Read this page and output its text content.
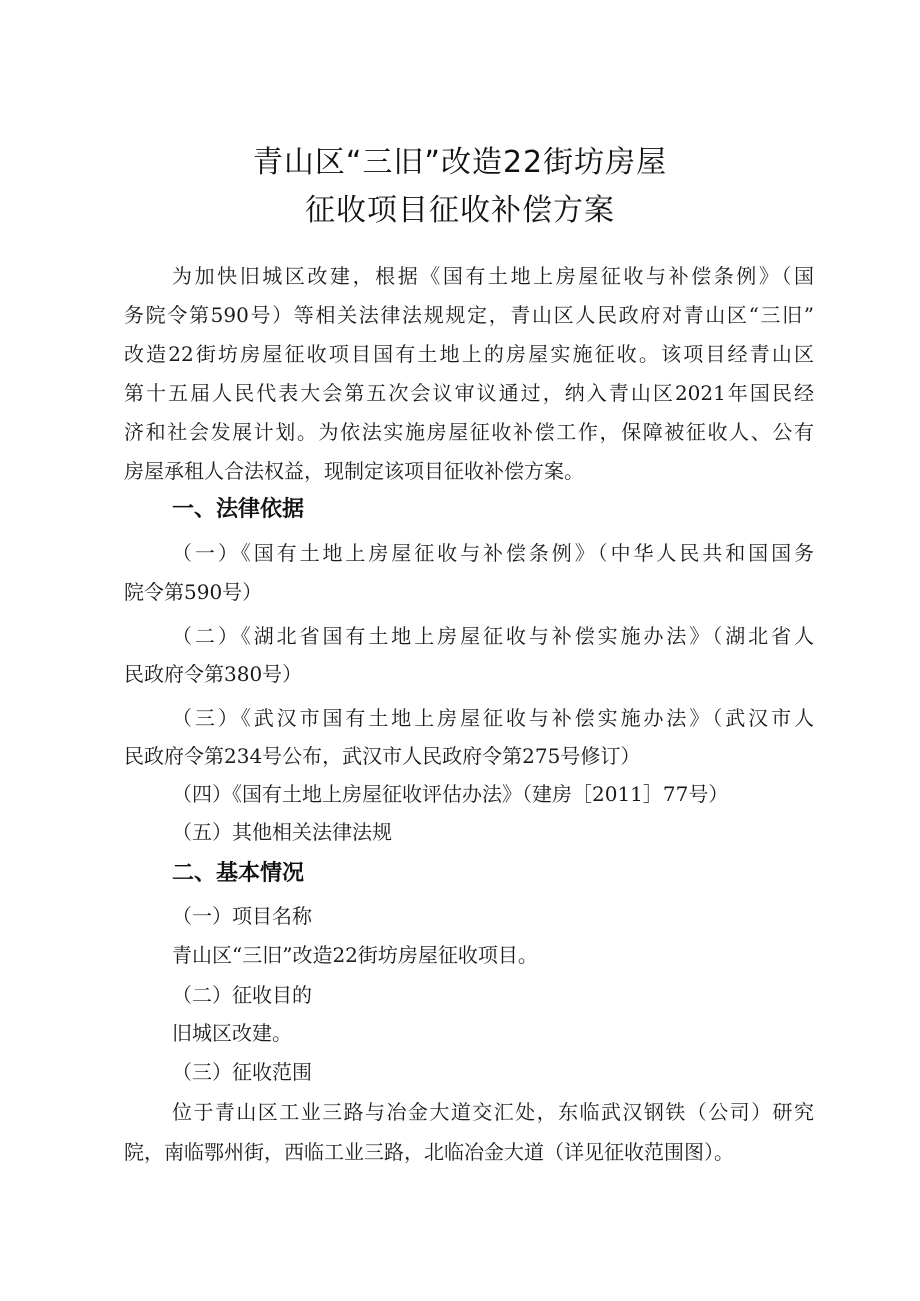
青山区“三旧”改造22街坊房屋
征收项目征收补偿方案
为加快旧城区改建，根据《国有土地上房屋征收与补偿条例》（国
务院令第590号）等相关法律法规规定，青山区人民政府对青山区“三旧”
改造22街坊房屋征收项目国有土地上的房屋实施征收。该项目经青山区
第十五届人民代表大会第五次会议审议通过，纳入青山区2021年国民经
济和社会发展计划。为依法实施房屋征收补偿工作，保障被征收人、公有
房屋承租人合法权益，现制定该项目征收补偿方案。
一、法律依据
（一）《国有土地上房屋征收与补偿条例》（中华人民共和国国务
院令第590号）
（二）《湖北省国有土地上房屋征收与补偿实施办法》（湖北省人
民政府令第380号）
（三）《武汉市国有土地上房屋征收与补偿实施办法》（武汉市人
民政府令第234号公布，武汉市人民政府令第275号修订）
（四）《国有土地上房屋征收评估办法》（建房［2011］77号）
（五）其他相关法律法规
二、基本情况
（一）项目名称
青山区“三旧”改造22街坊房屋征收项目。
（二）征收目的
旧城区改建。
（三）征收范围
位于青山区工业三路与冶金大道交汇处，东临武汉钢铁（公司）研究
院，南临鄂州街，西临工业三路，北临冶金大道（详见征收范围图）。
